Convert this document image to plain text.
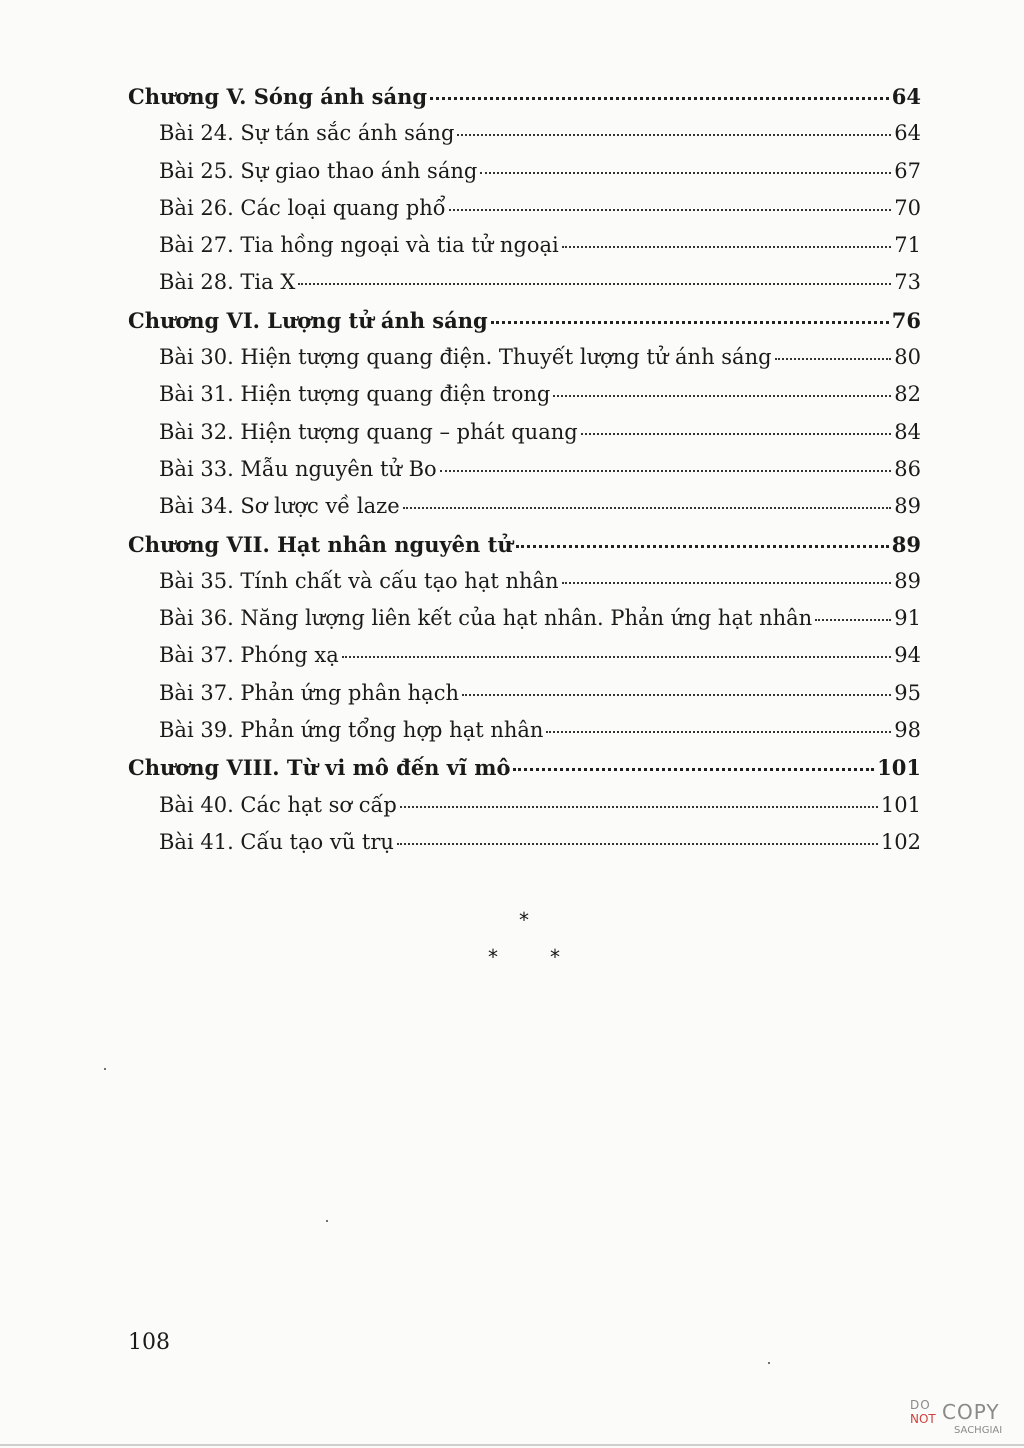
Chương V. Sóng ánh sáng	64
Bài 24. Sự tán sắc ánh sáng	64
Bài 25. Sự giao thao ánh sáng	67
Bài 26. Các loại quang phổ	70
Bài 27. Tia hồng ngoại và tia tử ngoại	71
Bài 28. Tia X	73
Chương VI. Lượng tử ánh sáng	76
Bài 30. Hiện tượng quang điện. Thuyết lượng tử ánh sáng	80
Bài 31. Hiện tượng quang điện trong	82
Bài 32. Hiện tượng quang – phát quang	84
Bài 33. Mẫu nguyên tử Bo	86
Bài 34. Sơ lược về laze	89
Chương VII. Hạt nhân nguyên tử	89
Bài 35. Tính chất và cấu tạo hạt nhân	89
Bài 36. Năng lượng liên kết của hạt nhân. Phản ứng hạt nhân	91
Bài 37. Phóng xạ	94
Bài 37. Phản ứng phân hạch	95
Bài 39. Phản ứng tổng hợp hạt nhân	98
Chương VIII. Từ vi mô đến vĩ mô	101
Bài 40. Các hạt sơ cấp	101
Bài 41. Cấu tạo vũ trụ	102
*
*	*
108
DO
NOT COPY
SACHGIAI
